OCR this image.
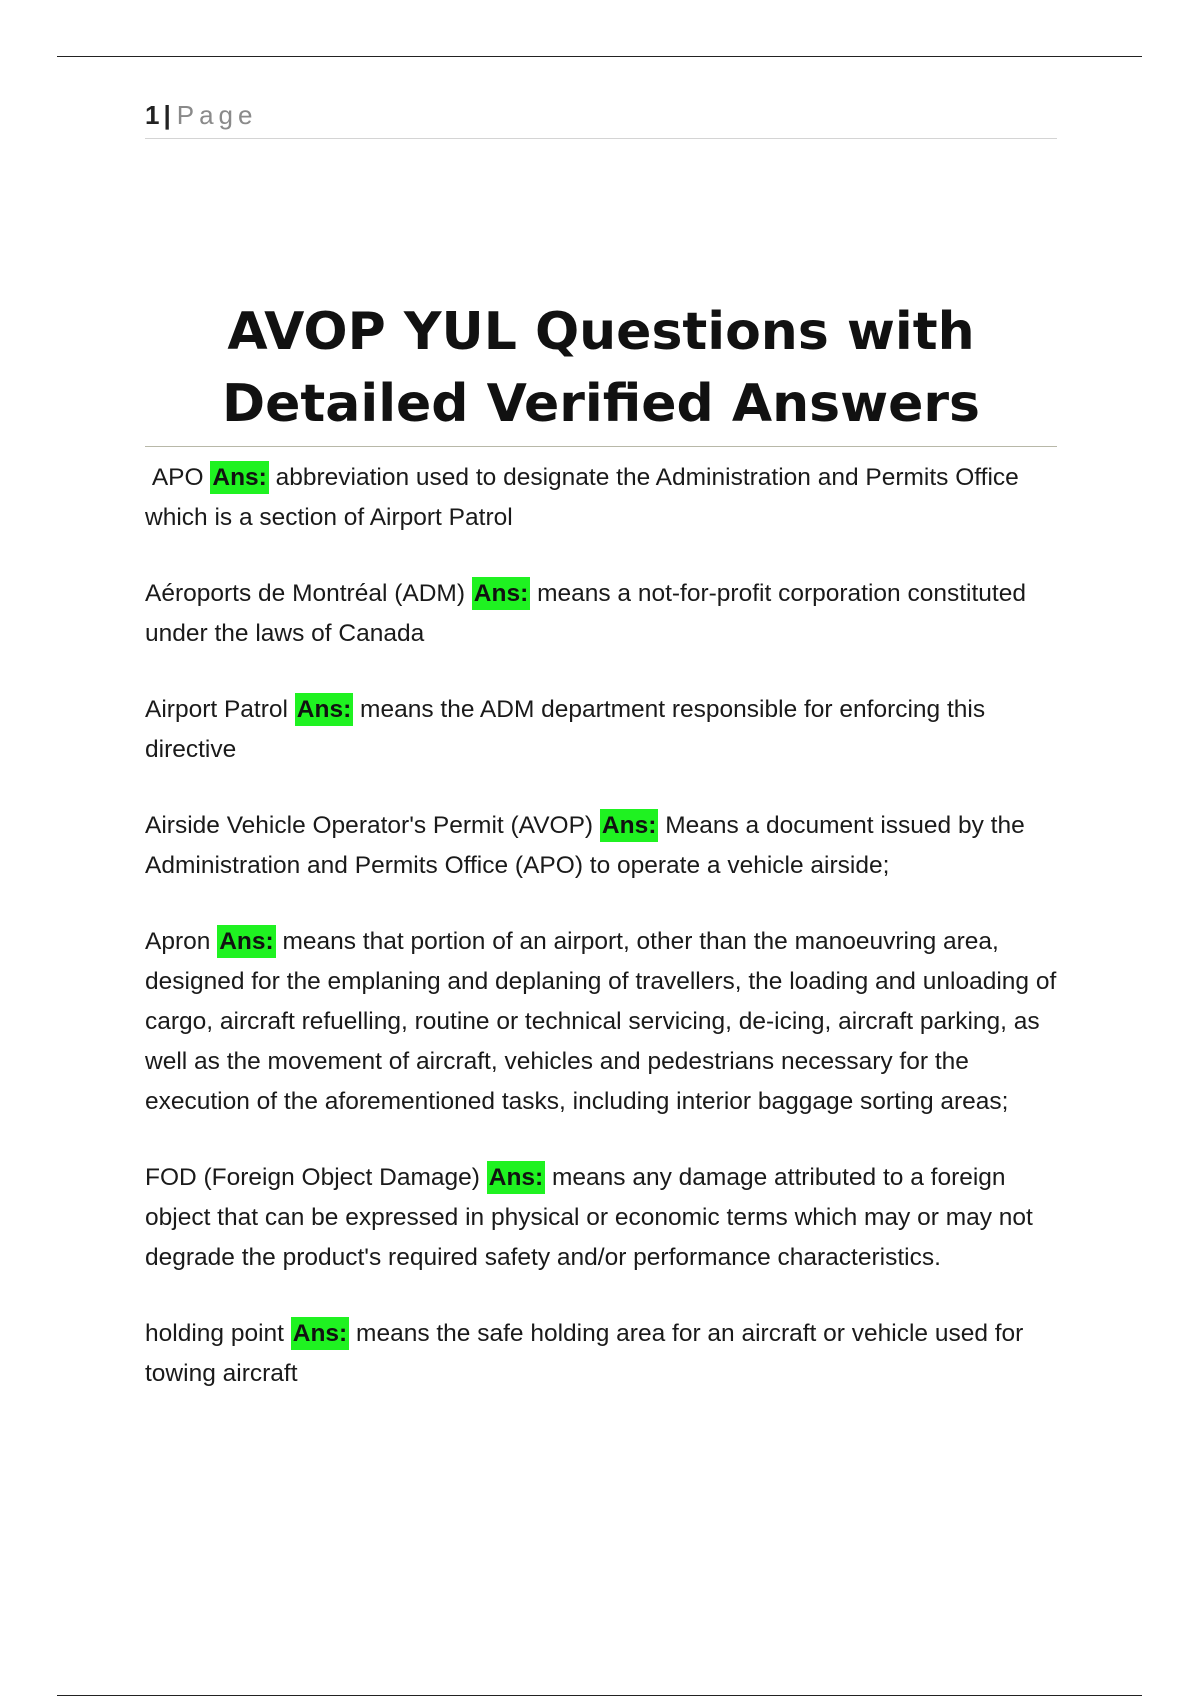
1 | Page
AVOP YUL Questions with
Detailed Verified Answers

APO Ans: abbreviation used to designate the Administration and Permits Office which is a section of Airport Patrol

Aéroports de Montréal (ADM) Ans: means a not-for-profit corporation constituted under the laws of Canada

Airport Patrol Ans: means the ADM department responsible for enforcing this directive

Airside Vehicle Operator's Permit (AVOP) Ans: Means a document issued by the Administration and Permits Office (APO) to operate a vehicle airside;

Apron Ans: means that portion of an airport, other than the manoeuvring area, designed for the emplaning and deplaning of travellers, the loading and unloading of cargo, aircraft refuelling, routine or technical servicing, de-icing, aircraft parking, as well as the movement of aircraft, vehicles and pedestrians necessary for the execution of the aforementioned tasks, including interior baggage sorting areas;

FOD (Foreign Object Damage) Ans: means any damage attributed to a foreign object that can be expressed in physical or economic terms which may or may not degrade the product's required safety and/or performance characteristics.

holding point Ans: means the safe holding area for an aircraft or vehicle used for towing aircraft
